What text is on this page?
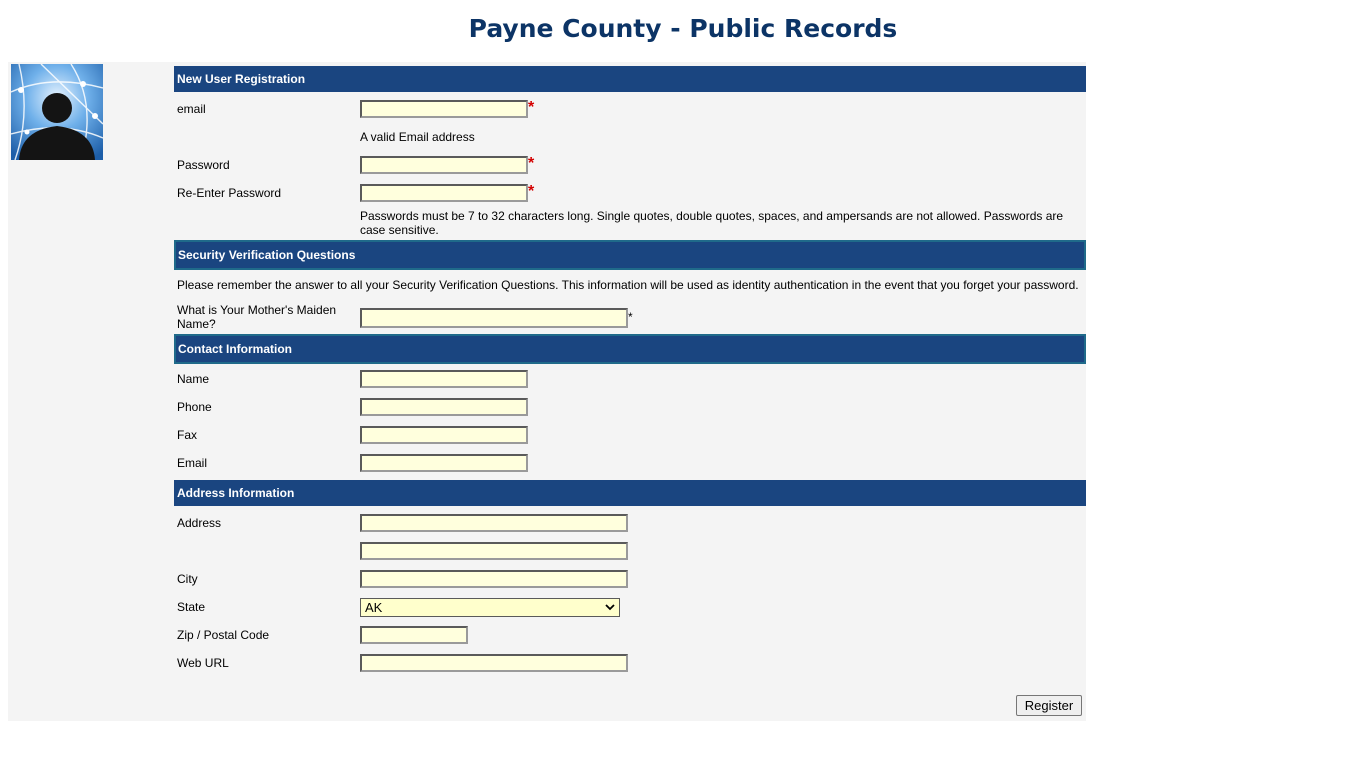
Payne County - Public Records
New User Registration
email	*
A valid Email address
Password	*
Re-Enter Password	*
Passwords must be 7 to 32 characters long. Single quotes, double quotes, spaces, and ampersands are not allowed. Passwords are case sensitive.
Security Verification Questions
Please remember the answer to all your Security Verification Questions. This information will be used as identity authentication in the event that you forget your password.
What is Your Mother's Maiden Name?	*
Contact Information
Name
Phone
Fax
Email
Address Information
Address
City
State	AK
Zip / Postal Code
Web URL
Register
